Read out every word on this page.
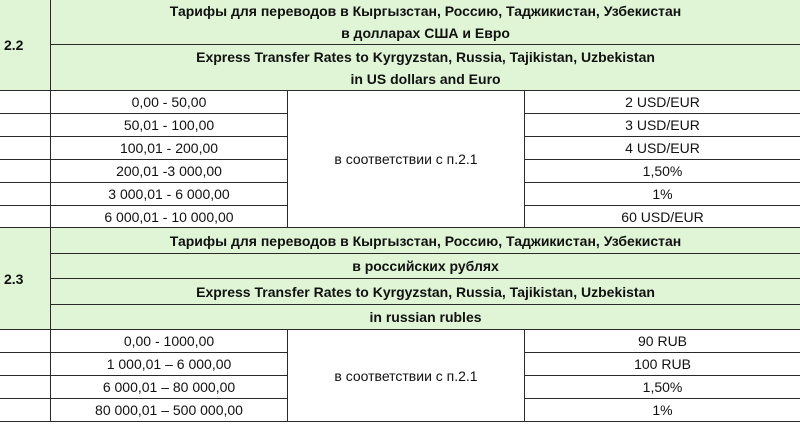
2.2	Тарифы для переводов в Кыргызстан, Россию, Таджикистан, Узбекистан
в долларах США и Евро		

	Express Transfer Rates to Kyrgyzstan, Russia, Tajikistan, Uzbekistan
in US dollars and Euro		

	0,00 - 50,00	в соответствии с п.2.1	2 USD/EUR
	50,01 - 100,00		3 USD/EUR
	100,01 - 200,00		4 USD/EUR
	200,01 -3 000,00		1,50%
	3 000,01 - 6 000,00		1%
	6 000,01 - 10 000,00		60 USD/EUR
2.3	Тарифы для переводов в Кыргызстан, Россию, Таджикистан, Узбекистан		
	в российских рублях		
	Express Transfer Rates to Kyrgyzstan, Russia, Tajikistan, Uzbekistan		
	in russian rubles		
	0,00 - 1000,00	в соответствии с п.2.1	90 RUB
	1 000,01 – 6 000,00		100 RUB
	6 000,01 – 80 000,00		1,50%
	80 000,01 – 500 000,00		1%
